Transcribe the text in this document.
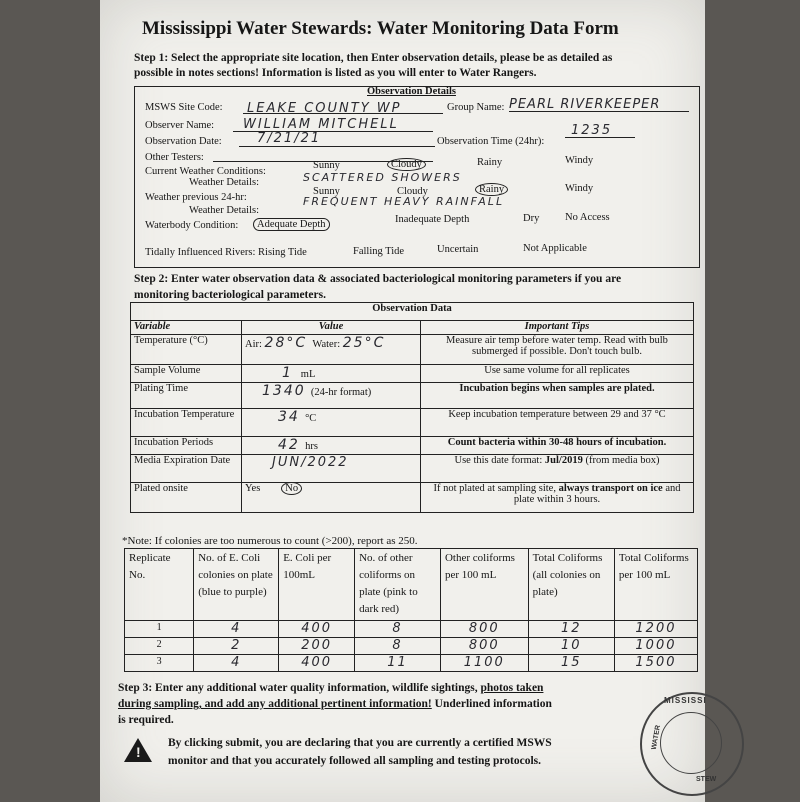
Mississippi Water Stewards: Water Monitoring Data Form
Step 1: Select the appropriate site location, then Enter observation details, please be as detailed as
possible in notes sections! Information is listed as you will enter to Water Rangers.
Observation Details
MSWS Site Code:	LEAKE COUNTY WP	Group Name: PEARL RIVERKEEPER
Observer Name:	WILLIAM MITCHELL
Observation Date:	7/21/21	Observation Time (24hr):
1235
Other Testers:
Current Weather Conditions:
Sunny	Cloudy	Rainy	Windy
Weather Details:	SCATTERED SHOWERS
Weather previous 24-hr:
Sunny	Cloudy	Rainy	Windy
Weather Details:
FREQUENT HEAVY RAINFALL
Waterbody Condition:	Adequate Depth	Inadequate Depth	Dry No Access
Tidally Influenced Rivers: Rising Tide	Falling Tide	Uncertain	Not Applicable
Step 2: Enter water observation data & associated bacteriological monitoring parameters if you are
monitoring bacteriological parameters.
Observation Data		
Variable	Value	Important Tips
Temperature (°C)	Air: 28°C Water: 25°C	Measure air temp before water temp. Read with bulb submerged if possible. Don't touch bulb.
Sample Volume	1 mL	Use same volume for all replicates
Plating Time	1340 (24-hr format)	Incubation begins when samples are plated.
Incubation Temperature	34 °C	Keep incubation temperature between 29 and 37 °C
Incubation Periods	42 hrs	Count bacteria within 30-48 hours of incubation.
Media Expiration Date	JUN/2022	Use this date format: Jul/2019 (from media box)
Plated onsite	Yes No	If not plated at sampling site, always transport on ice and plate within 3 hours.
*Note: If colonies are too numerous to count (>200), report as 250.
Replicate No.	No. of E. Coli colonies on plate (blue to purple)	E. Coli per 100mL	No. of other coliforms on plate (pink to dark red)	Other coliforms per 100 mL	Total Coliforms (all colonies on plate)	Total Coliforms per 100 mL
1	4	400	8	800	12	1200
2	2	200	8	800	10	1000
3	4	400	11	1100	15	1500
Step 3: Enter any additional water quality information, wildlife sightings, photos taken
during sampling, and add any additional pertinent information! Underlined information
is required.
!
By clicking submit, you are declaring that you are currently a certified MSWS
monitor and that you accurately followed all sampling and testing protocols.
MISSISSI
WATER
STEW
